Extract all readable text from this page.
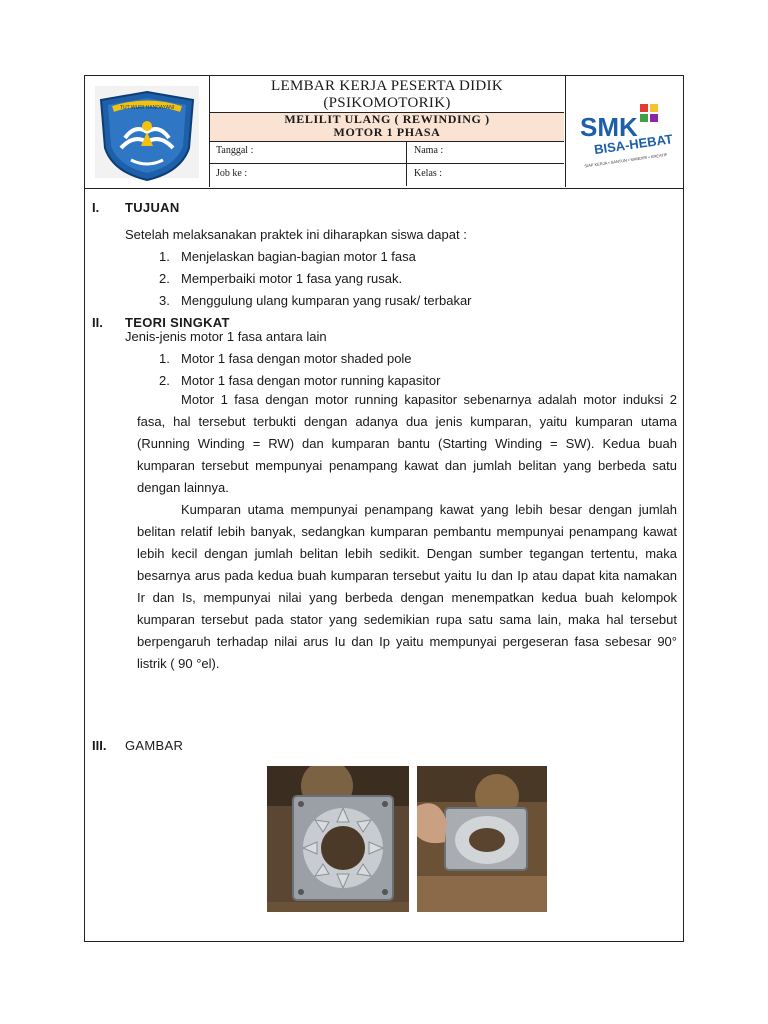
TUT WURI HANDAYANI
LEMBAR KERJA PESERTA DIDIK
(PSIKOMOTORIK)
MELILIT ULANG ( REWINDING )
MOTOR 1 PHASA
Tanggal :	Nama :
Job ke :	Kelas :
SMK
BISA-HEBAT
SIAP KERJA • SANTUN • MANDIRI • KREATIF
I. TUJUAN
Setelah melaksanakan praktek ini diharapkan siswa dapat :
1. Menjelaskan bagian-bagian motor 1 fasa
2. Memperbaiki motor 1 fasa yang rusak.
3. Menggulung ulang kumparan yang rusak/ terbakar
II. TEORI SINGKAT
Jenis-jenis motor 1 fasa antara lain
1. Motor 1 fasa dengan motor shaded pole
2. Motor 1 fasa dengan motor running kapasitor
Motor 1 fasa dengan motor running kapasitor sebenarnya adalah motor induksi 2 fasa, hal tersebut terbukti dengan adanya dua jenis kumparan, yaitu kumparan utama (Running Winding = RW) dan kumparan bantu (Starting Winding = SW). Kedua buah kumparan tersebut mempunyai penampang kawat dan jumlah belitan yang berbeda satu dengan lainnya.
Kumparan utama mempunyai penampang kawat yang lebih besar dengan jumlah belitan relatif lebih banyak, sedangkan kumparan pembantu mempunyai penampang kawat lebih kecil dengan jumlah belitan lebih sedikit. Dengan sumber tegangan tertentu, maka besarnya arus pada kedua buah kumparan tersebut yaitu Iu dan Ip atau dapat kita namakan Ir dan Is, mempunyai nilai yang berbeda dengan menempatkan kedua buah kelompok kumparan tersebut pada stator yang sedemikian rupa satu sama lain, maka hal tersebut berpengaruh terhadap nilai arus Iu dan Ip yaitu mempunyai pergeseran fasa sebesar 90° listrik ( 90 °el).
III. GAMBAR
